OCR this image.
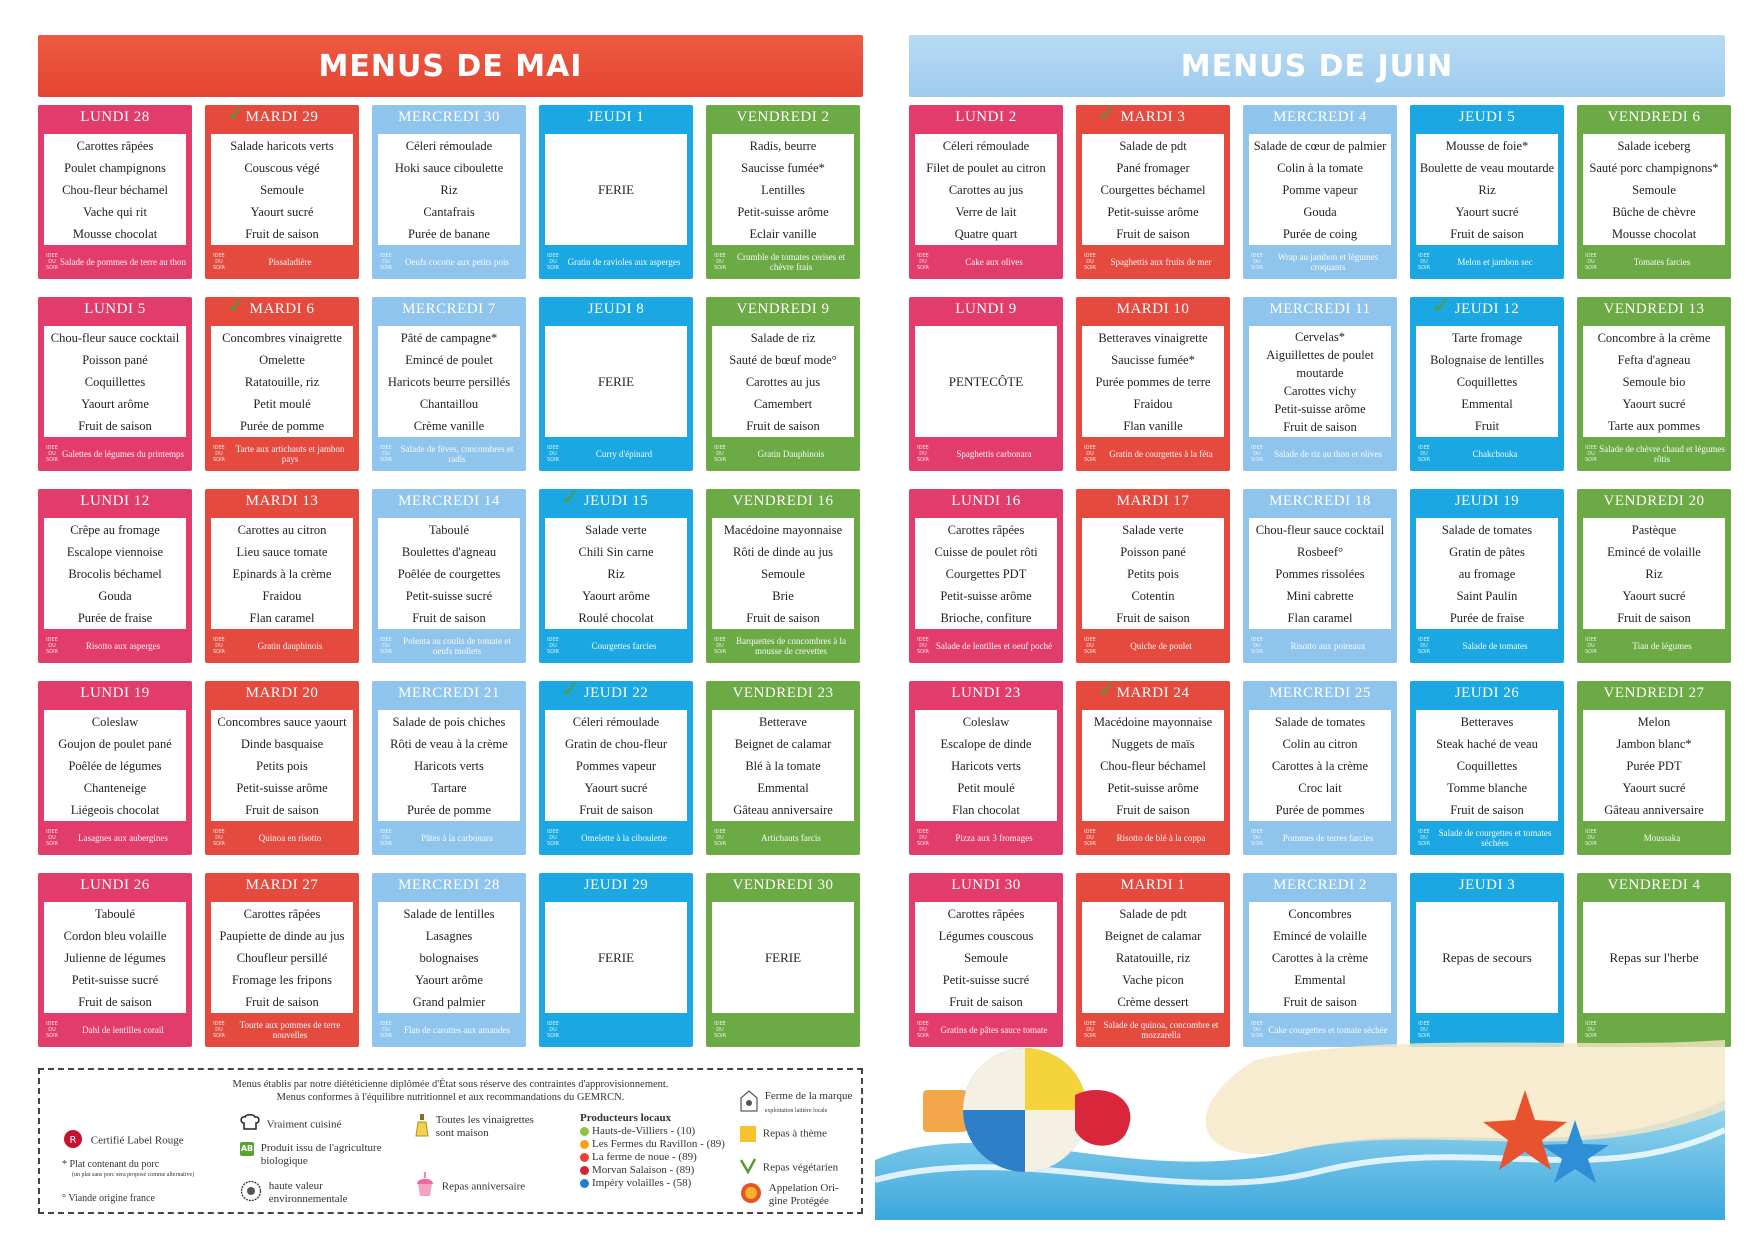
MENUS DE MAI	MENUS DE JUIN
LUNDI 28
Carottes râpées
Poulet champignons
Chou-fleur béchamel
Vache qui rit
Mousse chocolat
IDEE DU SOIR
Salade de pommes de terre au thon
✓ MARDI 29
Salade haricots verts
Couscous végé
Semoule
Yaourt sucré
Fruit de saison
IDEE DU SOIR
Pissaladière
MERCREDI 30
Céleri rémoulade
Hoki sauce ciboulette
Riz
Cantafrais
Purée de banane
IDEE DU SOIR
Oeufs cocotte aux petits pois
JEUDI 1
FERIE
IDEE DU SOIR
Gratin de ravioles aux asperges
VENDREDI 2
Radis, beurre
Saucisse fumée*
Lentilles
Petit-suisse arôme
Eclair vanille
IDEE DU SOIR
Crumble de tomates cerises et chèvre frais
LUNDI 5
Chou-fleur sauce cocktail
Poisson pané
Coquillettes
Yaourt arôme
Fruit de saison
IDEE DU SOIR
Galettes de légumes du printemps
✓ MARDI 6
Concombres vinaigrette
Omelette
Ratatouille, riz
Petit moulé
Purée de pomme
IDEE DU SOIR
Tarte aux artichauts et jambon pays
MERCREDI 7
Pâté de campagne*
Emincé de poulet
Haricots beurre persillés
Chantaillou
Crème vanille
IDEE DU SOIR
Salade de fèves, concombres et radis
JEUDI 8
FERIE
IDEE DU SOIR
Curry d'épinard
VENDREDI 9
Salade de riz
Sauté de bœuf mode°
Carottes au jus
Camembert
Fruit de saison
IDEE DU SOIR
Gratin Dauphinois
LUNDI 12
Crêpe au fromage
Escalope viennoise
Brocolis béchamel
Gouda
Purée de fraise
IDEE DU SOIR
Risotto aux asperges
MARDI 13
Carottes au citron
Lieu sauce tomate
Epinards à la crème
Fraidou
Flan caramel
IDEE DU SOIR
Gratin dauphinois
MERCREDI 14
Taboulé
Boulettes d'agneau
Poêlée de courgettes
Petit-suisse sucré
Fruit de saison
IDEE DU SOIR
Polenta au coulis de tomate et oeufs mollets
✓ JEUDI 15
Salade verte
Chili Sin carne
Riz
Yaourt arôme
Roulé chocolat
IDEE DU SOIR
Courgettes farcies
VENDREDI 16
Macédoine mayonnaise
Rôti de dinde au jus
Semoule
Brie
Fruit de saison
IDEE DU SOIR
Barquettes de concombres à la mousse de crevettes
LUNDI 19
Coleslaw
Goujon de poulet pané
Poêlée de légumes
Chanteneige
Liégeois chocolat
IDEE DU SOIR
Lasagnes aux aubergines
MARDI 20
Concombres sauce yaourt
Dinde basquaise
Petits pois
Petit-suisse arôme
Fruit de saison
IDEE DU SOIR
Quinoa en risotto
MERCREDI 21
Salade de pois chiches
Rôti de veau à la crème
Haricots verts
Tartare
Purée de pomme
IDEE DU SOIR
Pâtes à la carbonara
✓ JEUDI 22
Céleri rémoulade
Gratin de chou-fleur
Pommes vapeur
Yaourt sucré
Fruit de saison
IDEE DU SOIR
Omelette à la ciboulette
VENDREDI 23
Betterave
Beignet de calamar
Blé à la tomate
Emmental
Gâteau anniversaire
IDEE DU SOIR
Artichauts farcis
LUNDI 26
Taboulé
Cordon bleu volaille
Julienne de légumes
Petit-suisse sucré
Fruit de saison
IDEE DU SOIR
Dahl de lentilles corail
MARDI 27
Carottes râpées
Paupiette de dinde au jus
Choufleur persillé
Fromage les fripons
Fruit de saison
IDEE DU SOIR
Tourte aux pommes de terre nouvelles
MERCREDI 28
Salade de lentilles
Lasagnes
bolognaises
Yaourt arôme
Grand palmier
IDEE DU SOIR
Flan de carottes aux amandes
JEUDI 29
FERIE
IDEE DU SOIR
VENDREDI 30
FERIE
IDEE DU SOIR
LUNDI 2
Céleri rémoulade
Filet de poulet au citron
Carottes au jus
Verre de lait
Quatre quart
IDEE DU SOIR
Cake aux olives
✓ MARDI 3
Salade de pdt
Pané fromager
Courgettes béchamel
Petit-suisse arôme
Fruit de saison
IDEE DU SOIR
Spaghettis aux fruits de mer
MERCREDI 4
Salade de cœur de palmier
Colin à la tomate
Pomme vapeur
Gouda
Purée de coing
IDEE DU SOIR
Wrap au jambon et légumes croquants
JEUDI 5
Mousse de foie*
Boulette de veau moutarde
Riz
Yaourt sucré
Fruit de saison
IDEE DU SOIR
Melon et jambon sec
VENDREDI 6
Salade iceberg
Sauté porc champignons*
Semoule
Bûche de chèvre
Mousse chocolat
IDEE DU SOIR
Tomates farcies
LUNDI 9
PENTECÔTE
IDEE DU SOIR
Spaghettis carbonara
MARDI 10
Betteraves vinaigrette
Saucisse fumée*
Purée pommes de terre
Fraidou
Flan vanille
IDEE DU SOIR
Gratin de courgettes à la féta
MERCREDI 11
Cervelas*
Aiguillettes de poulet
moutarde
Carottes vichy
Petit-suisse arôme
Fruit de saison
IDEE DU SOIR
Salade de riz au thon et olives
✓ JEUDI 12
Tarte fromage
Bolognaise de lentilles
Coquillettes
Emmental
Fruit
IDEE DU SOIR
Chakchouka
VENDREDI 13
Concombre à la crème
Fefta d'agneau
Semoule bio
Yaourt sucré
Tarte aux pommes
IDEE DU SOIR
Salade de chèvre chaud et légumes rôtis
LUNDI 16
Carottes râpées
Cuisse de poulet rôti
Courgettes PDT
Petit-suisse arôme
Brioche, confiture
IDEE DU SOIR
Salade de lentilles et oeuf poché
MARDI 17
Salade verte
Poisson pané
Petits pois
Cotentin
Fruit de saison
IDEE DU SOIR
Quiche de poulet
MERCREDI 18
Chou-fleur sauce cocktail
Rosbeef°
Pommes rissolées
Mini cabrette
Flan caramel
IDEE DU SOIR
Risotto aux poireaux
JEUDI 19
Salade de tomates
Gratin de pâtes
au fromage
Saint Paulin
Purée de fraise
IDEE DU SOIR
Salade de tomates
VENDREDI 20
Pastèque
Emincé de volaille
Riz
Yaourt sucré
Fruit de saison
IDEE DU SOIR
Tian de légumes
LUNDI 23
Coleslaw
Escalope de dinde
Haricots verts
Petit moulé
Flan chocolat
IDEE DU SOIR
Pizza aux 3 fromages
✓ MARDI 24
Macédoine mayonnaise
Nuggets de maïs
Chou-fleur béchamel
Petit-suisse arôme
Fruit de saison
IDEE DU SOIR
Risotto de blé à la coppa
MERCREDI 25
Salade de tomates
Colin au citron
Carottes à la crème
Croc lait
Purée de pommes
IDEE DU SOIR
Pommes de terres farcies
JEUDI 26
Betteraves
Steak haché de veau
Coquillettes
Tomme blanche
Fruit de saison
IDEE DU SOIR
Salade de courgettes et tomates séchées
VENDREDI 27
Melon
Jambon blanc*
Purée PDT
Yaourt sucré
Gâteau anniversaire
IDEE DU SOIR
Moussaka
LUNDI 30
Carottes râpées
Légumes couscous
Semoule
Petit-suisse sucré
Fruit de saison
IDEE DU SOIR
Gratins de pâtes sauce tomate
MARDI 1
Salade de pdt
Beignet de calamar
Ratatouille, riz
Vache picon
Crème dessert
IDEE DU SOIR
Salade de quinoa, concombre et mozzarella
MERCREDI 2
Concombres
Emincé de volaille
Carottes à la crème
Emmental
Fruit de saison
IDEE DU SOIR
Cake courgettes et tomate séchée
JEUDI 3
Repas de secours
IDEE DU SOIR
VENDREDI 4
Repas sur l'herbe
IDEE DU SOIR
Menus établis par notre diététicienne diplômée d'État sous réserve des contraintes d'approvisionnement.
Menus conformes à l'équilibre nutritionnel et aux recommandations du GEMRCN.
R Certifié Label Rouge
* Plat contenant du porc
(un plat sans porc sera proposé comme alternative)
° Viande origine france
Vraiment cuisiné
AB Produit issu de l'agriculture
biologique
haute valeur
environnementale
Toutes les vinaigrettes
sont maison
Repas anniversaire
Producteurs locaux
Hauts-de-Villiers - (10)
Les Fermes du Ravillon - (89)
La ferme de noue - (89)
Morvan Salaison - (89)
Impéry volailles - (58)
Ferme de la marque
exploitation laitière locale
Repas à thème
Repas végétarien
Appelation Ori-
gine Protégée
